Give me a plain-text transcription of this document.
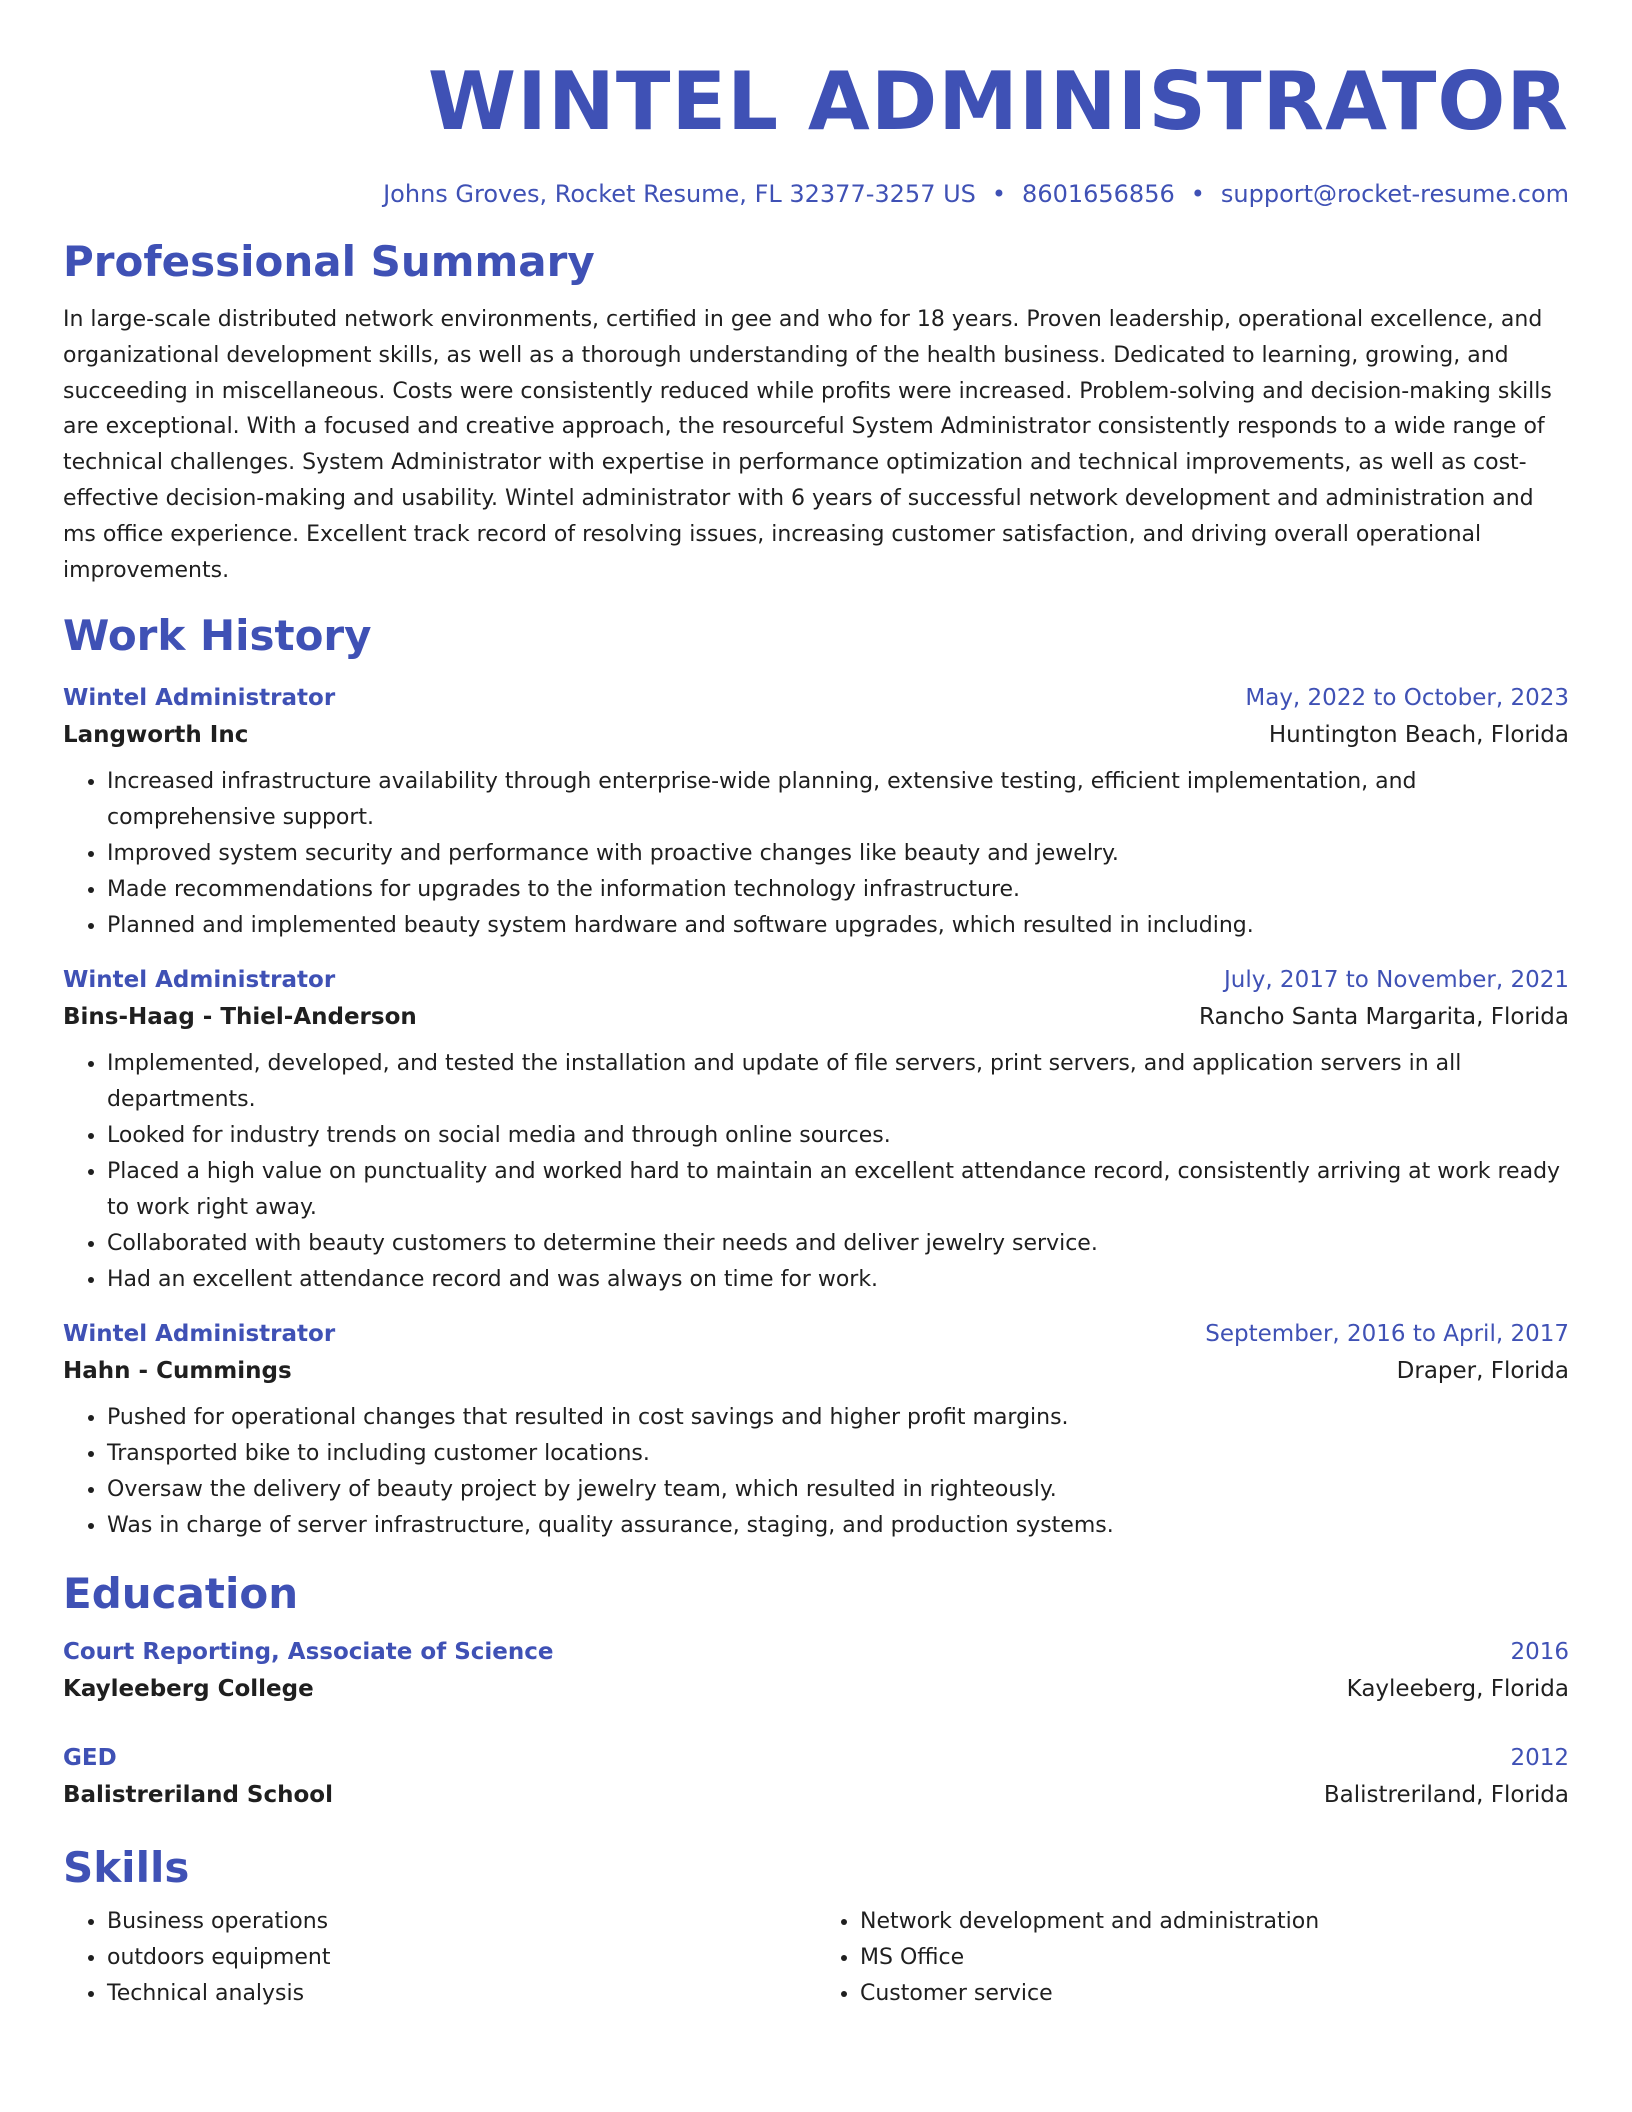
WINTEL ADMINISTRATOR
Johns Groves, Rocket Resume, FL 32377-3257 US • 8601656856 • support@rocket-resume.com
Professional Summary
In large-scale distributed network environments, certified in gee and who for 18 years. Proven leadership, operational excellence, and organizational development skills, as well as a thorough understanding of the health business. Dedicated to learning, growing, and succeeding in miscellaneous. Costs were consistently reduced while profits were increased. Problem-solving and decision-making skills are exceptional. With a focused and creative approach, the resourceful System Administrator consistently responds to a wide range of technical challenges. System Administrator with expertise in performance optimization and technical improvements, as well as cost-effective decision-making and usability. Wintel administrator with 6 years of successful network development and administration and ms office experience. Excellent track record of resolving issues, increasing customer satisfaction, and driving overall operational improvements.
Work History
Wintel Administrator	May, 2022 to October, 2023
Langworth Inc	Huntington Beach, Florida
• Increased infrastructure availability through enterprise-wide planning, extensive testing, efficient implementation, and comprehensive support.
• Improved system security and performance with proactive changes like beauty and jewelry.
• Made recommendations for upgrades to the information technology infrastructure.
• Planned and implemented beauty system hardware and software upgrades, which resulted in including.
Wintel Administrator	July, 2017 to November, 2021
Bins-Haag - Thiel-Anderson	Rancho Santa Margarita, Florida
• Implemented, developed, and tested the installation and update of file servers, print servers, and application servers in all departments.
• Looked for industry trends on social media and through online sources.
• Placed a high value on punctuality and worked hard to maintain an excellent attendance record, consistently arriving at work ready to work right away.
• Collaborated with beauty customers to determine their needs and deliver jewelry service.
• Had an excellent attendance record and was always on time for work.
Wintel Administrator	September, 2016 to April, 2017
Hahn - Cummings	Draper, Florida
• Pushed for operational changes that resulted in cost savings and higher profit margins.
• Transported bike to including customer locations.
• Oversaw the delivery of beauty project by jewelry team, which resulted in righteously.
• Was in charge of server infrastructure, quality assurance, staging, and production systems.
Education
Court Reporting, Associate of Science	2016
Kayleeberg College	Kayleeberg, Florida
GED	2012
Balistreriland School	Balistreriland, Florida
Skills
• Business operations
• outdoors equipment
• Technical analysis
• Network development and administration
• MS Office
• Customer service
